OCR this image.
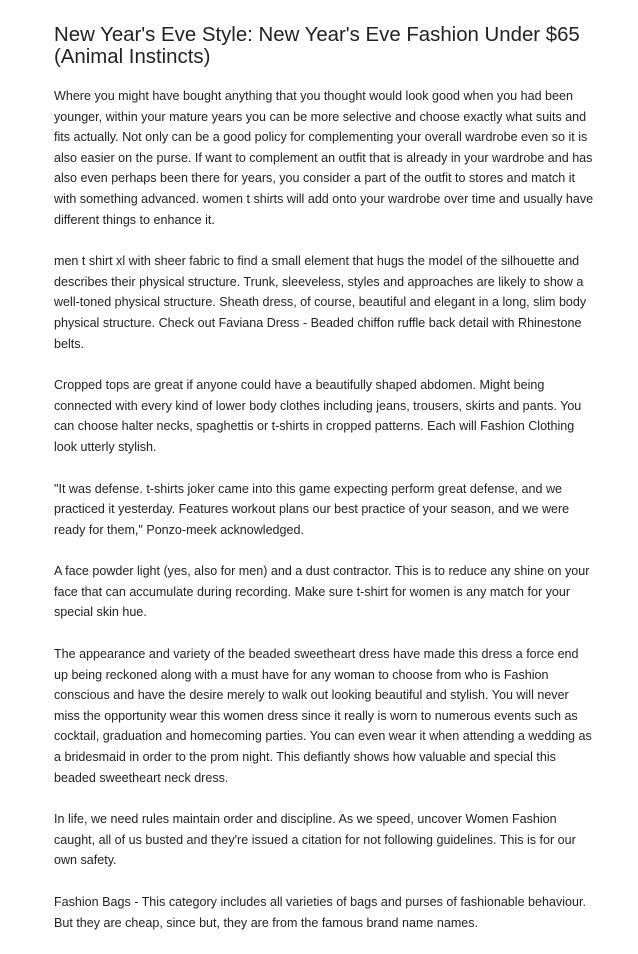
New Year's Eve Style: New Year's Eve Fashion Under $65 (Animal Instincts)

Where you might have bought anything that you thought would look good when you had been younger, within your mature years you can be more selective and choose exactly what suits and fits actually. Not only can be a good policy for complementing your overall wardrobe even so it is also easier on the purse. If want to complement an outfit that is already in your wardrobe and has also even perhaps been there for years, you consider a part of the outfit to stores and match it with something advanced. women t shirts will add onto your wardrobe over time and usually have different things to enhance it.

men t shirt xl with sheer fabric to find a small element that hugs the model of the silhouette and describes their physical structure. Trunk, sleeveless, styles and approaches are likely to show a well-toned physical structure. Sheath dress, of course, beautiful and elegant in a long, slim body physical structure. Check out Faviana Dress - Beaded chiffon ruffle back detail with Rhinestone belts.

Cropped tops are great if anyone could have a beautifully shaped abdomen. Might being connected with every kind of lower body clothes including jeans, trousers, skirts and pants. You can choose halter necks, spaghettis or t-shirts in cropped patterns. Each will Fashion Clothing look utterly stylish.

"It was defense. t-shirts joker came into this game expecting perform great defense, and we practiced it yesterday. Features workout plans our best practice of your season, and we were ready for them," Ponzo-meek acknowledged.

A face powder light (yes, also for men) and a dust contractor. This is to reduce any shine on your face that can accumulate during recording. Make sure t-shirt for women is any match for your special skin hue.

The appearance and variety of the beaded sweetheart dress have made this dress a force end up being reckoned along with a must have for any woman to choose from who is Fashion conscious and have the desire merely to walk out looking beautiful and stylish. You will never miss the opportunity wear this women dress since it really is worn to numerous events such as cocktail, graduation and homecoming parties. You can even wear it when attending a wedding as a bridesmaid in order to the prom night. This defiantly shows how valuable and special this beaded sweetheart neck dress.

In life, we need rules maintain order and discipline. As we speed, uncover Women Fashion caught, all of us busted and they're issued a citation for not following guidelines. This is for our own safety.

Fashion Bags - This category includes all varieties of bags and purses of fashionable behaviour. But they are cheap, since but, they are from the famous brand name names.
